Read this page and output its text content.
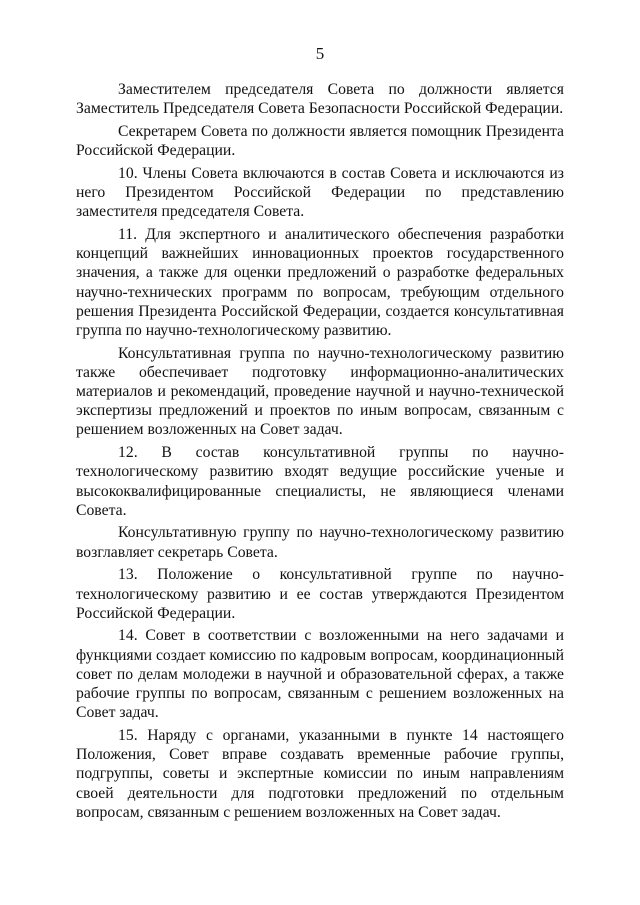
5

Заместителем председателя Совета по должности является Заместитель Председателя Совета Безопасности Российской Федерации.

Секретарем Совета по должности является помощник Президента Российской Федерации.

10. Члены Совета включаются в состав Совета и исключаются из него Президентом Российской Федерации по представлению заместителя председателя Совета.

11. Для экспертного и аналитического обеспечения разработки концепций важнейших инновационных проектов государственного значения, а также для оценки предложений о разработке федеральных научно-технических программ по вопросам, требующим отдельного решения Президента Российской Федерации, создается консультативная группа по научно-технологическому развитию.

Консультативная группа по научно-технологическому развитию также обеспечивает подготовку информационно-аналитических материалов и рекомендаций, проведение научной и научно-технической экспертизы предложений и проектов по иным вопросам, связанным с решением возложенных на Совет задач.

12. В состав консультативной группы по научно-технологическому развитию входят ведущие российские ученые и высококвалифицированные специалисты, не являющиеся членами Совета.

Консультативную группу по научно-технологическому развитию возглавляет секретарь Совета.

13. Положение о консультативной группе по научно-технологическому развитию и ее состав утверждаются Президентом Российской Федерации.

14. Совет в соответствии с возложенными на него задачами и функциями создает комиссию по кадровым вопросам, координационный совет по делам молодежи в научной и образовательной сферах, а также рабочие группы по вопросам, связанным с решением возложенных на Совет задач.

15. Наряду с органами, указанными в пункте 14 настоящего Положения, Совет вправе создавать временные рабочие группы, подгруппы, советы и экспертные комиссии по иным направлениям своей деятельности для подготовки предложений по отдельным вопросам, связанным с решением возложенных на Совет задач.
